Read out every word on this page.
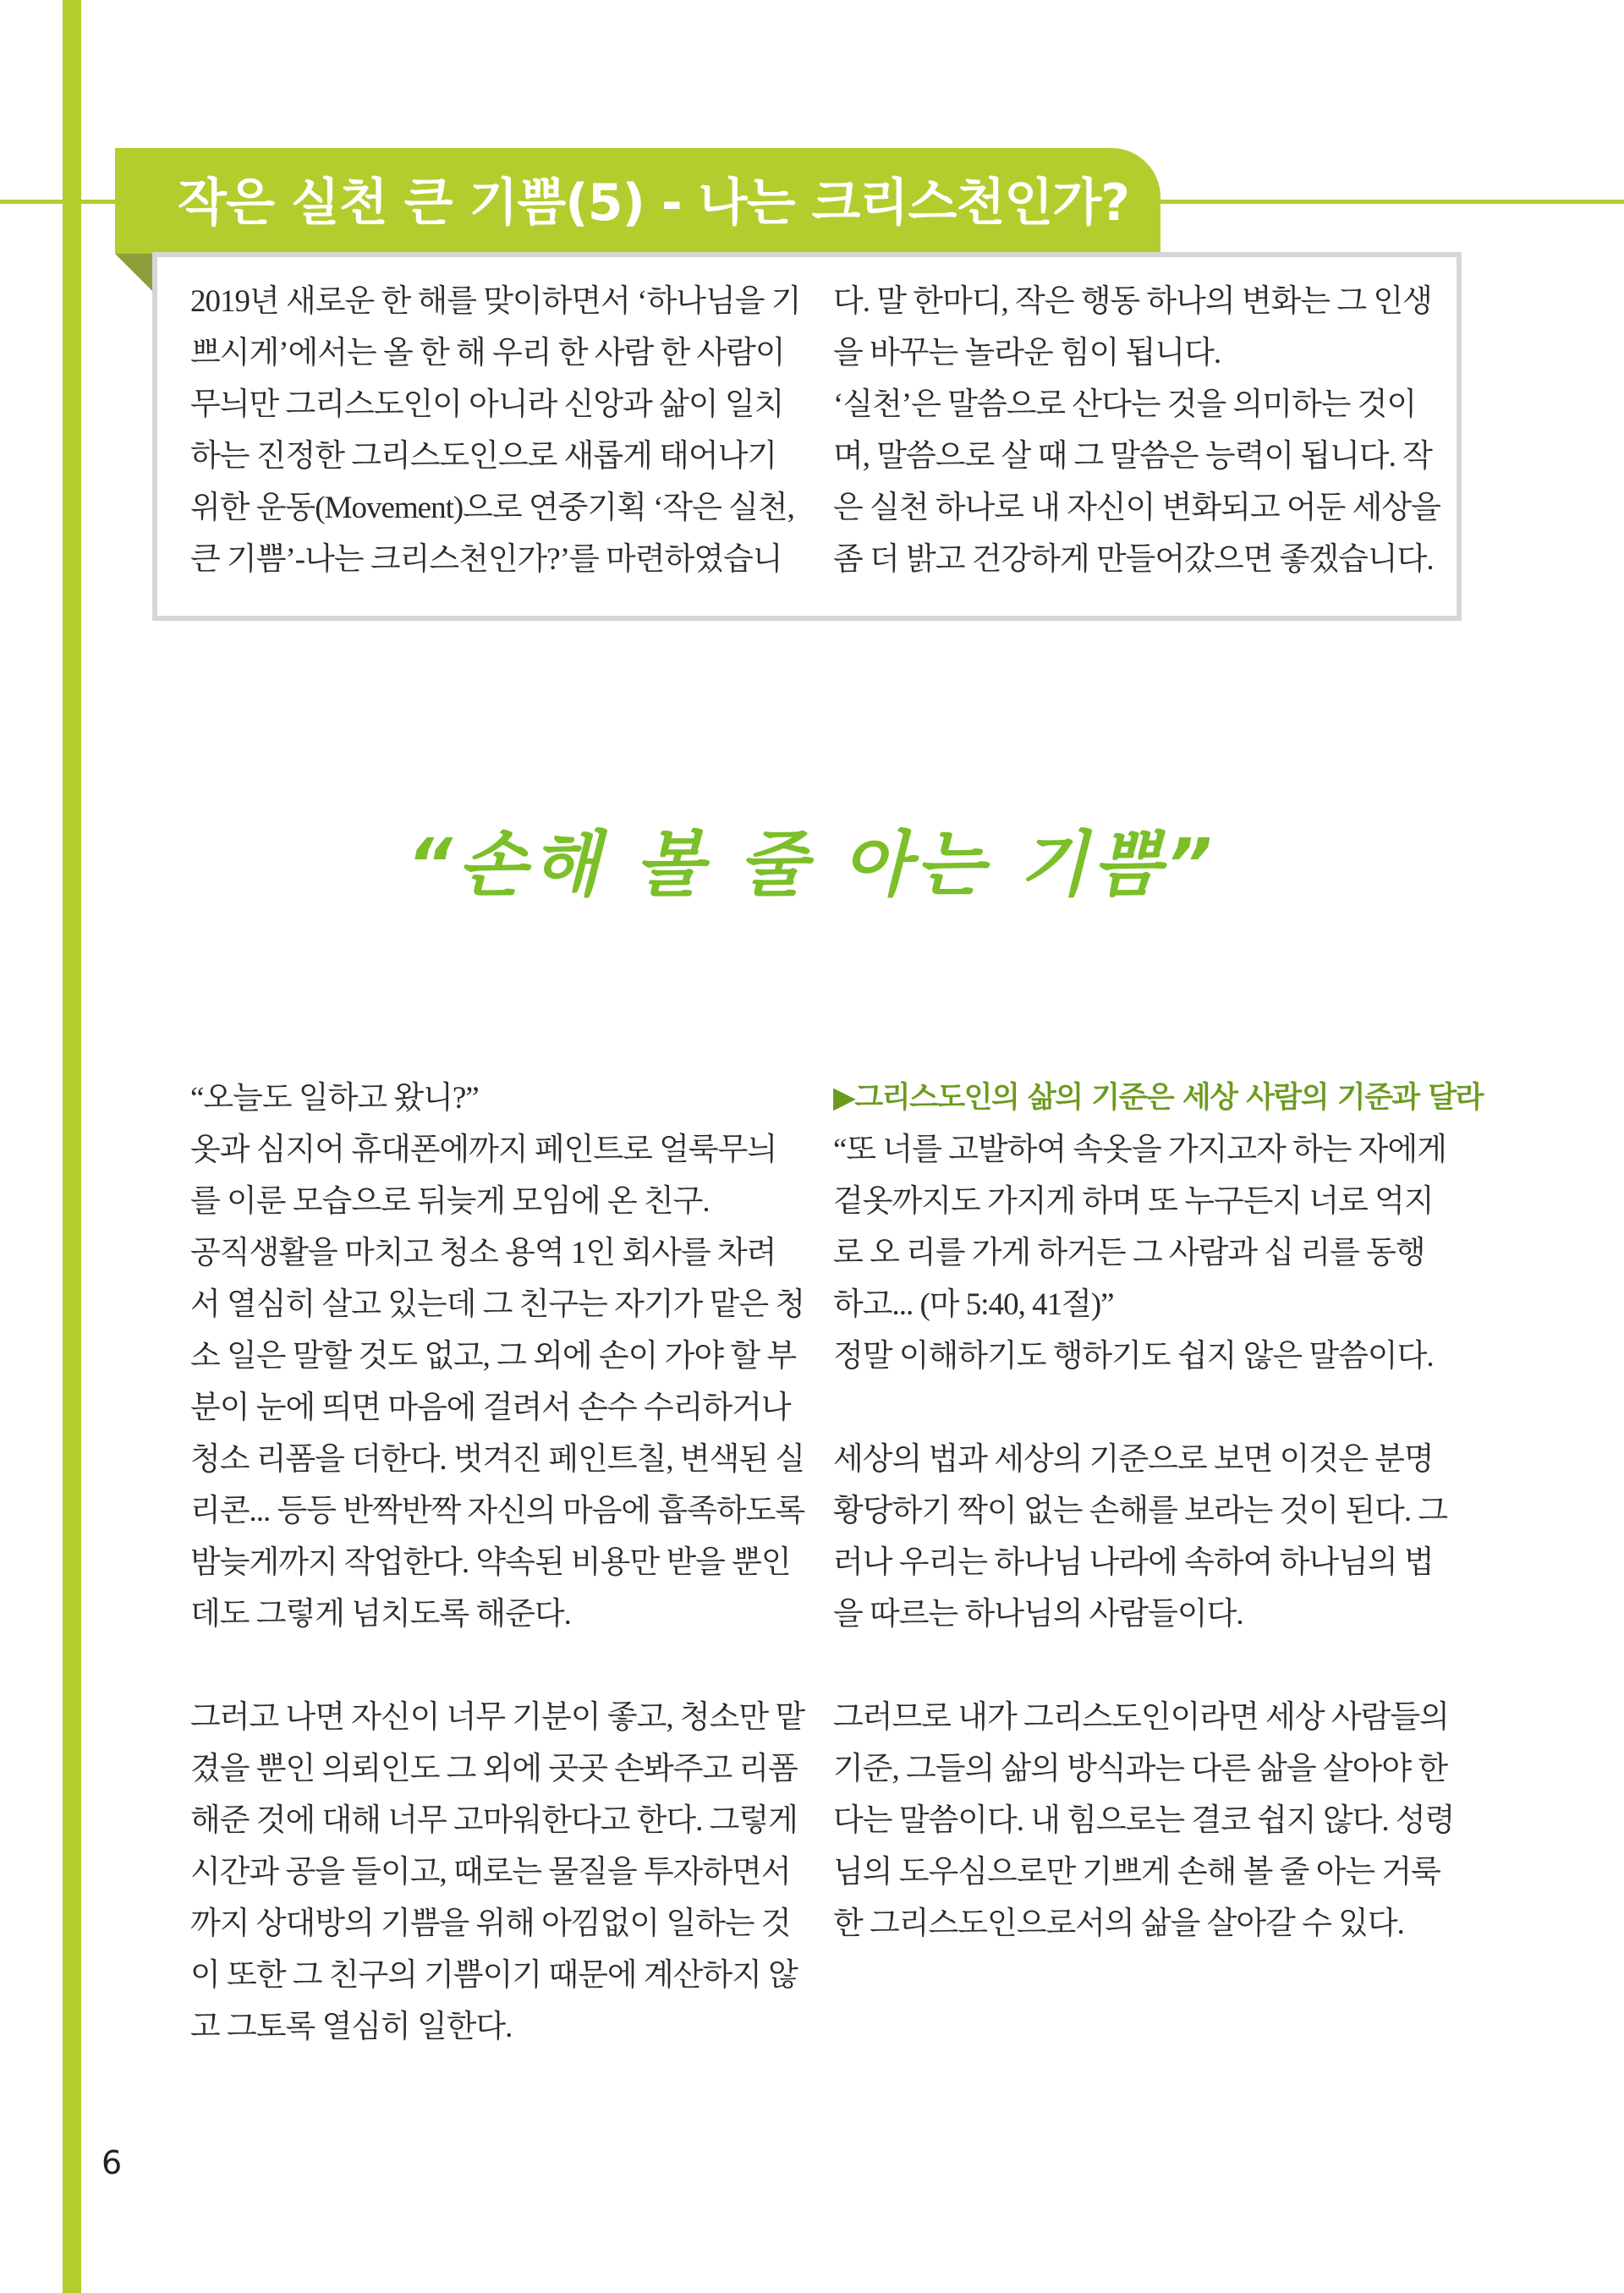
작은 실천 큰 기쁨(5) - 나는 크리스천인가?

2019년 새로운 한 해를 맞이하면서 ‘하나님을 기

쁘시게’에서는 올 한 해 우리 한 사람 한 사람이

무늬만 그리스도인이 아니라 신앙과 삶이 일치

하는 진정한 그리스도인으로 새롭게 태어나기

위한 운동(Movement)으로 연중기획 ‘작은 실천,

큰 기쁨’-나는 크리스천인가?’를 마련하였습니

다. 말 한마디, 작은 행동 하나의 변화는 그 인생

을 바꾸는 놀라운 힘이 됩니다.

‘실천’은 말씀으로 산다는 것을 의미하는 것이

며, 말씀으로 살 때 그 말씀은 능력이 됩니다. 작

은 실천 하나로 내 자신이 변화되고 어둔 세상을

좀 더 밝고 건강하게 만들어갔으면 좋겠습니다.

“손해 볼 줄 아는 기쁨”

“오늘도 일하고 왔니?”

옷과 심지어 휴대폰에까지 페인트로 얼룩무늬

를 이룬 모습으로 뒤늦게 모임에 온 친구.

공직생활을 마치고 청소 용역 1인 회사를 차려

서 열심히 살고 있는데 그 친구는 자기가 맡은 청

소 일은 말할 것도 없고, 그 외에 손이 가야 할 부

분이 눈에 띄면 마음에 걸려서 손수 수리하거나

청소 리폼을 더한다. 벗겨진 페인트칠, 변색된 실

리콘... 등등 반짝반짝 자신의 마음에 흡족하도록

밤늦게까지 작업한다. 약속된 비용만 받을 뿐인

데도 그렇게 넘치도록 해준다.

그러고 나면 자신이 너무 기분이 좋고, 청소만 맡

겼을 뿐인 의뢰인도 그 외에 곳곳 손봐주고 리폼

해준 것에 대해 너무 고마워한다고 한다. 그렇게

시간과 공을 들이고, 때로는 물질을 투자하면서

까지 상대방의 기쁨을 위해 아낌없이 일하는 것

이 또한 그 친구의 기쁨이기 때문에 계산하지 않

고 그토록 열심히 일한다.

▶그리스도인의 삶의 기준은 세상 사람의 기준과 달라

“또 너를 고발하여 속옷을 가지고자 하는 자에게

겉옷까지도 가지게 하며 또 누구든지 너로 억지

로 오 리를 가게 하거든 그 사람과 십 리를 동행

하고... (마 5:40, 41절)”

정말 이해하기도 행하기도 쉽지 않은 말씀이다.

세상의 법과 세상의 기준으로 보면 이것은 분명

황당하기 짝이 없는 손해를 보라는 것이 된다. 그

러나 우리는 하나님 나라에 속하여 하나님의 법

을 따르는 하나님의 사람들이다.

그러므로 내가 그리스도인이라면 세상 사람들의

기준, 그들의 삶의 방식과는 다른 삶을 살아야 한

다는 말씀이다. 내 힘으로는 결코 쉽지 않다. 성령

님의 도우심으로만 기쁘게 손해 볼 줄 아는 거룩

한 그리스도인으로서의 삶을 살아갈 수 있다.

6
